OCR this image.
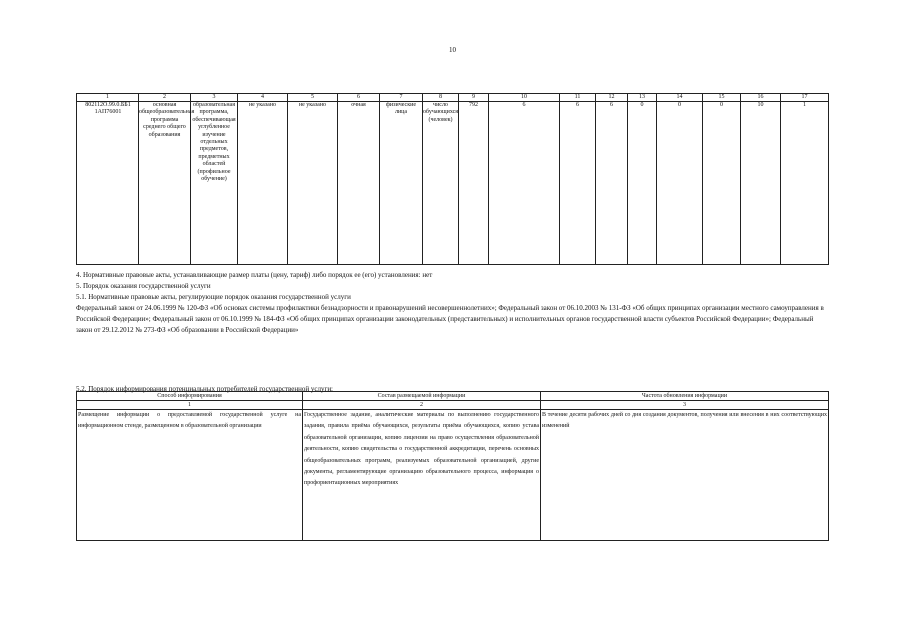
10
1	2	3	4	5	6	7	8	9	10	11	12	13	14	15	16	17
802112О.99.0.ББ1 1АП76001	основная общеобразовательная программа среднего общего образования	образовательная программа, обеспечивающая углубленное изучение отдельных предметов, предметных областей (профильное обучение)	не указано	не указано	очная	физические лица	число обучающихся (человек)	792	6	6	6	0	0	0	10	1
4. Нормативные правовые акты, устанавливающие размер платы (цену, тариф) либо порядок ее (его) установления: нет
5. Порядок оказания государственной услуги
5.1. Нормативные правовые акты, регулирующие порядок оказания государственной услуги
Федеральный закон от 24.06.1999 № 120-ФЗ «Об основах системы профилактики безнадзорности и правонарушений несовершеннолетних»; Федеральный закон от 06.10.2003 № 131-ФЗ «Об общих принципах организации местного самоуправления в Российской Федерации»; Федеральный закон от 06.10.1999 № 184-ФЗ «Об общих принципах организации законодательных (представительных) и исполнительных органов государственной власти субъектов Российской Федерации»; Федеральный закон от 29.12.2012 № 273-ФЗ «Об образовании в Российской Федерации»
5.2. Порядок информирования потенциальных потребителей государственной услуги:
Способ информирования	Состав размещаемой информации	Частота обновления информации
1	2	3
Размещение информации о предоставляемой государственной услуге на информационном стенде, размещенном в образовательной организации	Государственное задание, аналитические материалы по выполнению государственного задания, правила приёма обучающихся, результаты приёма обучающихся, копию устава образовательной организации, копию лицензии на право осуществления образовательной деятельности, копию свидетельства о государственной аккредитации, перечень основных общеобразовательных программ, реализуемых образовательной организацией, другие документы, регламентирующие организацию образовательного процесса, информация о профориентационных мероприятиях	В течение десяти рабочих дней со дня создания документов, получения или внесения в них соответствующих изменений
